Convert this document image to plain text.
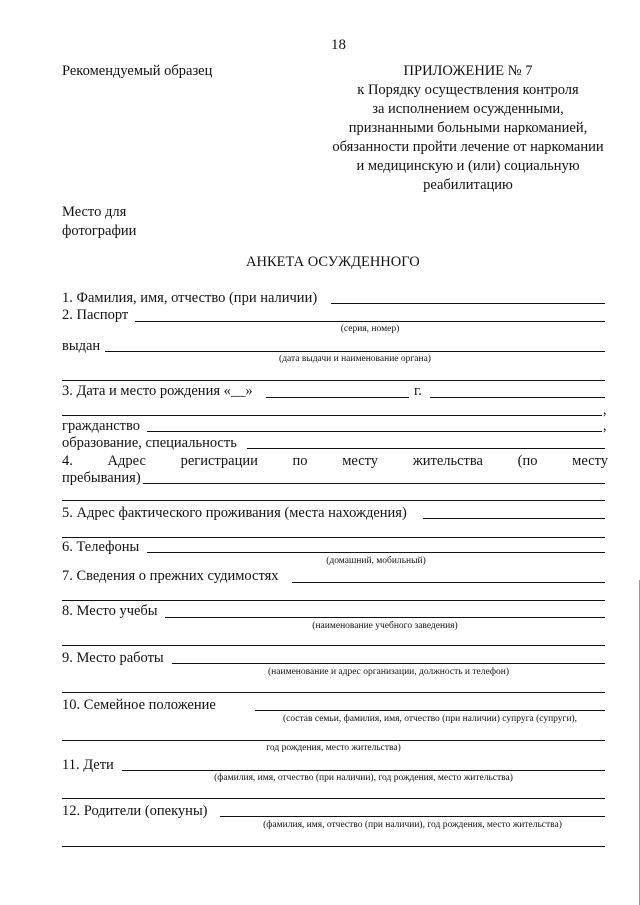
18
Рекомендуемый образец	ПРИЛОЖЕНИЕ № 7
к Порядку осуществления контроля
за исполнением осужденными,
признанными больными наркоманией,
обязанности пройти лечение от наркомании
и медицинскую и (или) социальную
реабилитацию
Место для
фотографии
АНКЕТА ОСУЖДЕННОГО
1. Фамилия, имя, отчество (при наличии)
2. Паспорт
(серия, номер)
выдан
(дата выдачи и наименование органа)
3. Дата и место рождения «__»	г.
,
гражданство	,
образование, специальность
4. Адрес регистрации по месту жительства (по месту
пребывания)
5. Адрес фактического проживания (места нахождения)
6. Телефоны
(домашний, мобильный)
7. Сведения о прежних судимостях
8. Место учебы
(наименование учебного заведения)
9. Место работы
(наименование и адрес организации, должность и телефон)
10. Семейное положение
(состав семьи, фамилия, имя, отчество (при наличии) супруга (супруги),
год рождения, место жительства)
11. Дети
(фамилия, имя, отчество (при наличии), год рождения, место жительства)
12. Родители (опекуны)
(фамилия, имя, отчество (при наличии), год рождения, место жительства)
